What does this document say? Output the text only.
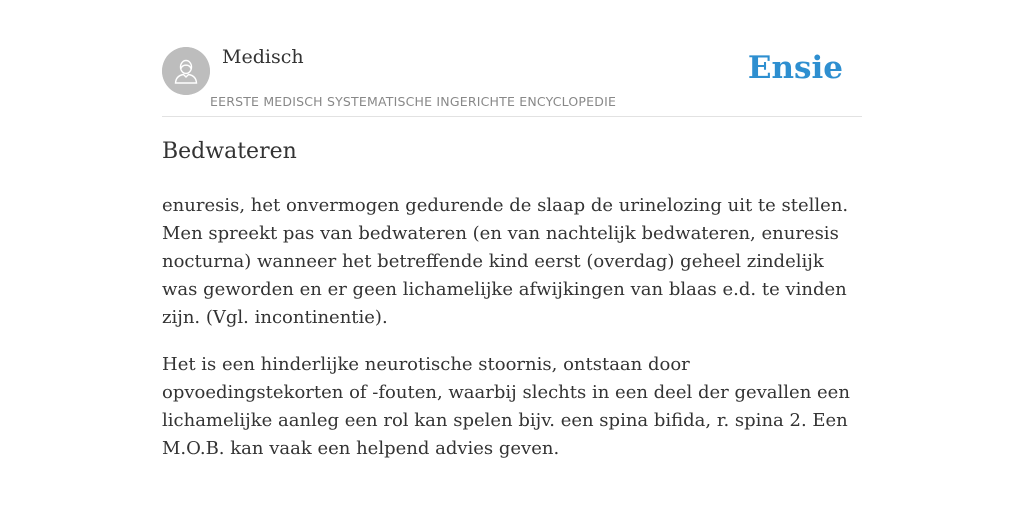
Medisch
EERSTE MEDISCH SYSTEMATISCHE INGERICHTE ENCYCLOPEDIE
Ensie
Bedwateren

enuresis, het onvermogen gedurende de slaap de urinelozing uit te stellen. Men spreekt pas van bedwateren (en van nachtelijk bedwateren, enuresis nocturna) wanneer het betreffende kind eerst (overdag) geheel zindelijk was geworden en er geen lichamelijke afwijkingen van blaas e.d. te vinden zijn. (Vgl. incontinentie).

Het is een hinderlijke neurotische stoornis, ontstaan door opvoedingstekorten of -fouten, waarbij slechts in een deel der gevallen een lichamelijke aanleg een rol kan spelen bijv. een spina bifida, r. spina 2. Een M.O.B. kan vaak een helpend advies geven.
